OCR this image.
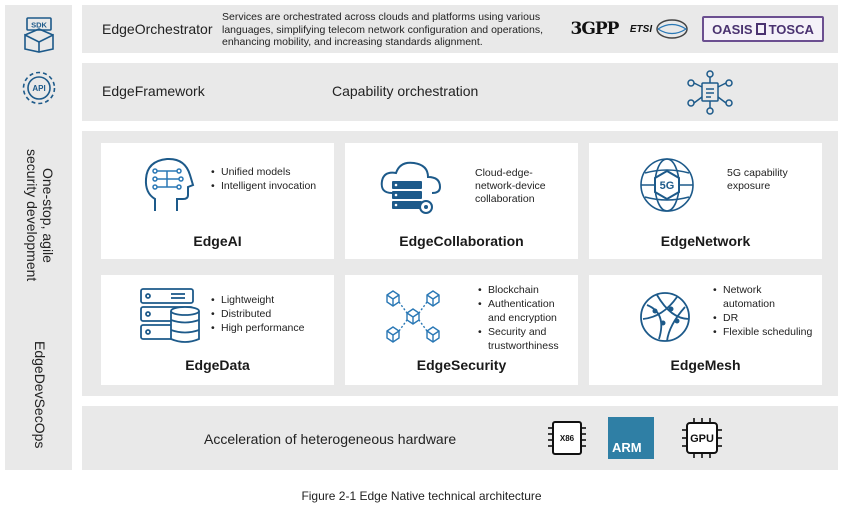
SDK
API
One-stop, agile security development
EdgeDevSecOps
EdgeOrchestrator
Services are orchestrated across clouds and platforms using various languages, simplifying telecom network configuration and operations, enhancing mobility, and increasing standards alignment.
3GPP ETSI	OASIS TOSCA
EdgeFramework	Capability orchestration
• Unified models
• Intelligent invocation
EdgeAI
Cloud-edge-network-device collaboration
EdgeCollaboration
5G
5G capability exposure
EdgeNetwork
• Lightweight
• Distributed
• High performance
EdgeData
• Blockchain
• Authentication and encryption
• Security and trustworthiness
EdgeSecurity
• Network automation
• DR
• Flexible scheduling
EdgeMesh
Acceleration of heterogeneous hardware	X86
ARM
GPU
Figure 2-1 Edge Native technical architecture
